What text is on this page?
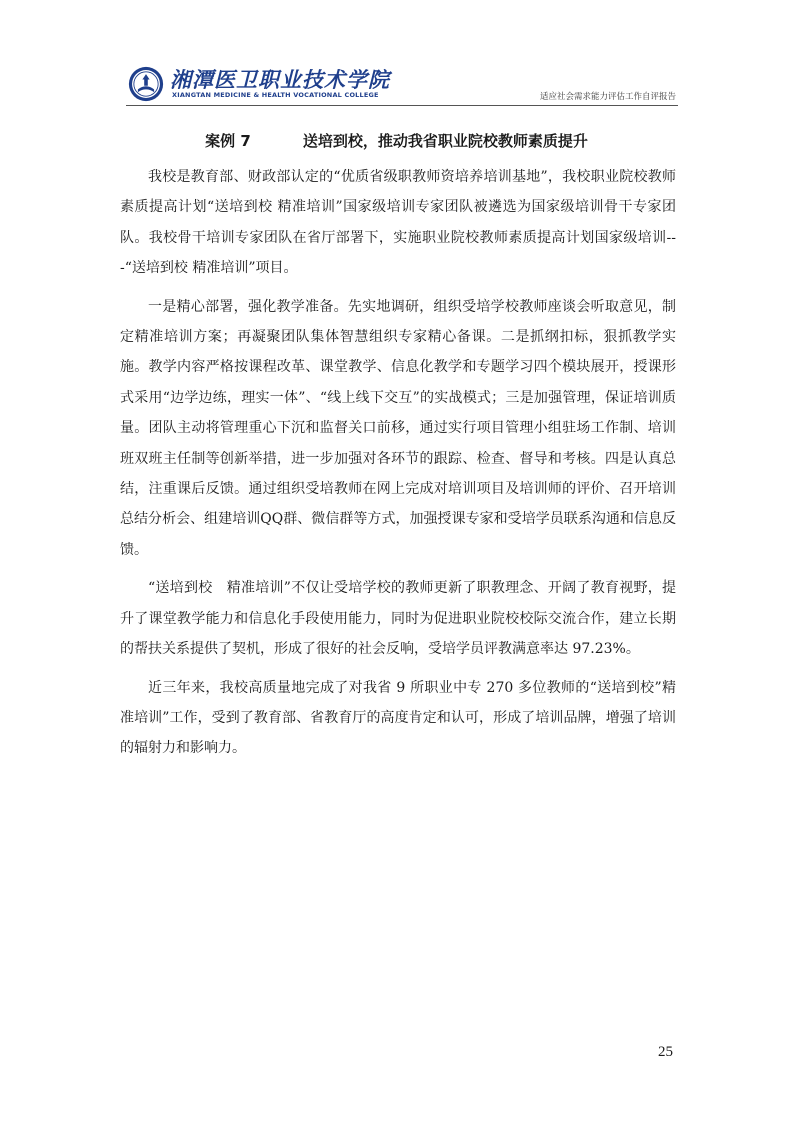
湘潭医卫职业技术学院
XIANGTAN MEDICINE & HEALTH VOCATIONAL COLLEGE	适应社会需求能力评估工作自评报告
案例 7	送培到校，推动我省职业院校教师素质提升

我校是教育部、财政部认定的“优质省级职教师资培养培训基地”，我校职业院校教师素质提高计划“送培到校 精准培训”国家级培训专家团队被遴选为国家级培训骨干专家团队。我校骨干培训专家团队在省厅部署下，实施职业院校教师素质提高计划国家级培训---“送培到校 精准培训”项目。

一是精心部署，强化教学准备。先实地调研，组织受培学校教师座谈会听取意见，制定精准培训方案；再凝聚团队集体智慧组织专家精心备课。二是抓纲扣标，狠抓教学实施。教学内容严格按课程改革、课堂教学、信息化教学和专题学习四个模块展开，授课形式采用“边学边练，理实一体”、“线上线下交互”的实战模式；三是加强管理，保证培训质量。团队主动将管理重心下沉和监督关口前移，通过实行项目管理小组驻场工作制、培训班双班主任制等创新举措，进一步加强对各环节的跟踪、检查、督导和考核。四是认真总结，注重课后反馈。通过组织受培教师在网上完成对培训项目及培训师的评价、召开培训总结分析会、组建培训QQ群、微信群等方式，加强授课专家和受培学员联系沟通和信息反馈。

“送培到校　精准培训”不仅让受培学校的教师更新了职教理念、开阔了教育视野，提升了课堂教学能力和信息化手段使用能力，同时为促进职业院校校际交流合作，建立长期的帮扶关系提供了契机，形成了很好的社会反响，受培学员评教满意率达 97.23%。

近三年来，我校高质量地完成了对我省 9 所职业中专 270 多位教师的“送培到校”精准培训”工作，受到了教育部、省教育厅的高度肯定和认可，形成了培训品牌，增强了培训的辐射力和影响力。

25
